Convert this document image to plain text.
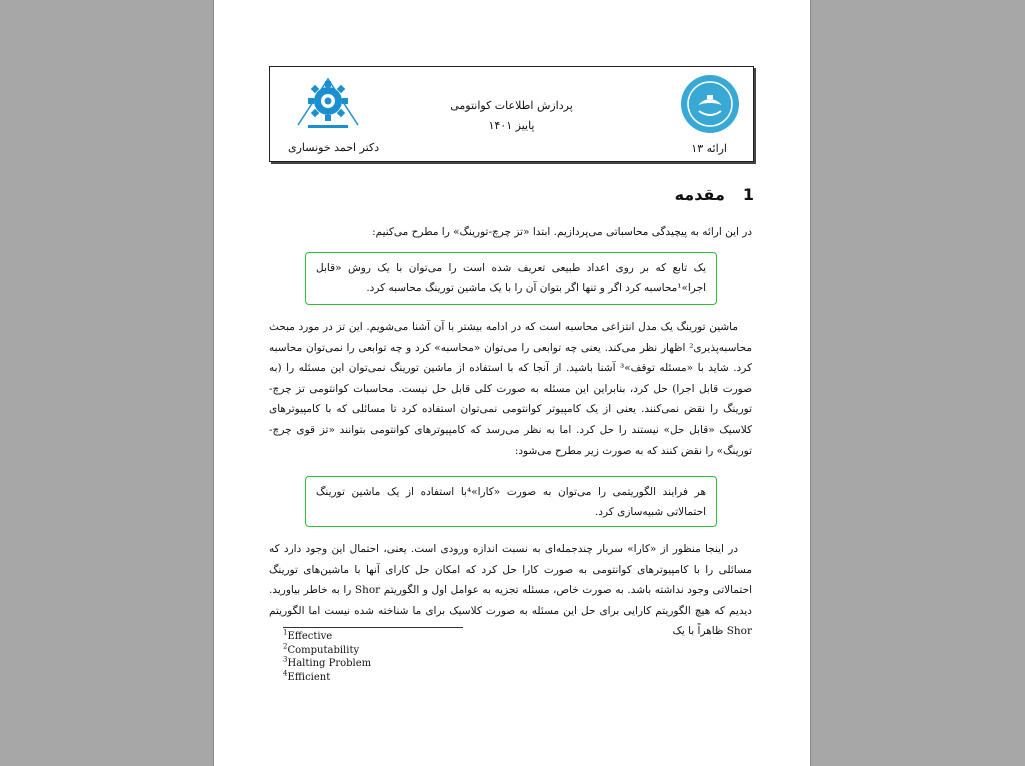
پردازش اطلاعات کوانتومی
پاییز ۱۴۰۱
ارائه ۱۳
دکتر احمد خونساری
1مقدمه

در این ارائه به پیچیدگی محاسباتی می‌پردازیم. ابتدا «تز چرچ-تورینگ» را مطرح می‌کنیم:

یک تابع که بر روی اعداد طبیعی تعریف شده است را می‌توان با یک روش «قابل اجرا»¹محاسبه کرد اگر و تنها اگر بتوان آن را با یک ماشین تورینگ محاسبه کرد.

ماشین تورینگ یک مدل انتزاعی محاسبه است که در ادامه بیشتر با آن آشنا می‌شویم. این تز در مورد مبحث محاسبه‌پذیری² اظهار نظر می‌کند. یعنی چه توابعی را می‌توان «محاسبه» کرد و چه توابعی را نمی‌توان محاسبه کرد. شاید با «مسئله توقف»³ آشنا باشید. از آنجا که با استفاده از ماشین تورینگ نمی‌توان این مسئله را (به صورت قابل اجرا) حل کرد، بنابراین این مسئله به صورت کلی قابل حل نیست. محاسبات کوانتومی تز چرچ-تورینگ را نقض نمی‌کنند. یعنی از یک کامپیوتر کوانتومی نمی‌توان استفاده کرد تا مسائلی که با کامپیوترهای کلاسیک «قابل حل» نیستند را حل کرد. اما به نظر می‌رسد که کامپیوترهای کوانتومی بتوانند «تز قوی چرچ-تورینگ» را نقض کنند که به صورت زیر مطرح می‌شود:

هر فرایند الگوریتمی را می‌توان به صورت «کارا»⁴با استفاده از یک ماشین تورینگ احتمالاتی شبیه‌سازی کرد.

در اینجا منظور از «کارا» سربار چندجمله‌ای به نسبت اندازه ورودی است. یعنی، احتمال این وجود دارد که مسائلی را با کامپیوترهای کوانتومی به صورت کارا حل کرد که امکان حل کارای آنها با ماشین‌های تورینگ احتمالاتی وجود نداشته باشد. به صورت خاص، مسئله تجزیه به عوامل اول و الگوریتم Shor را به خاطر بیاورید. دیدیم که هیچ الگوریتم کارایی برای حل این مسئله به صورت کلاسیک برای ما شناخته شده نیست اما الگوریتم Shor ظاهراً با یک

$^1$Effective
$^2$Computability
$^3$Halting Problem
$^4$Efficient
